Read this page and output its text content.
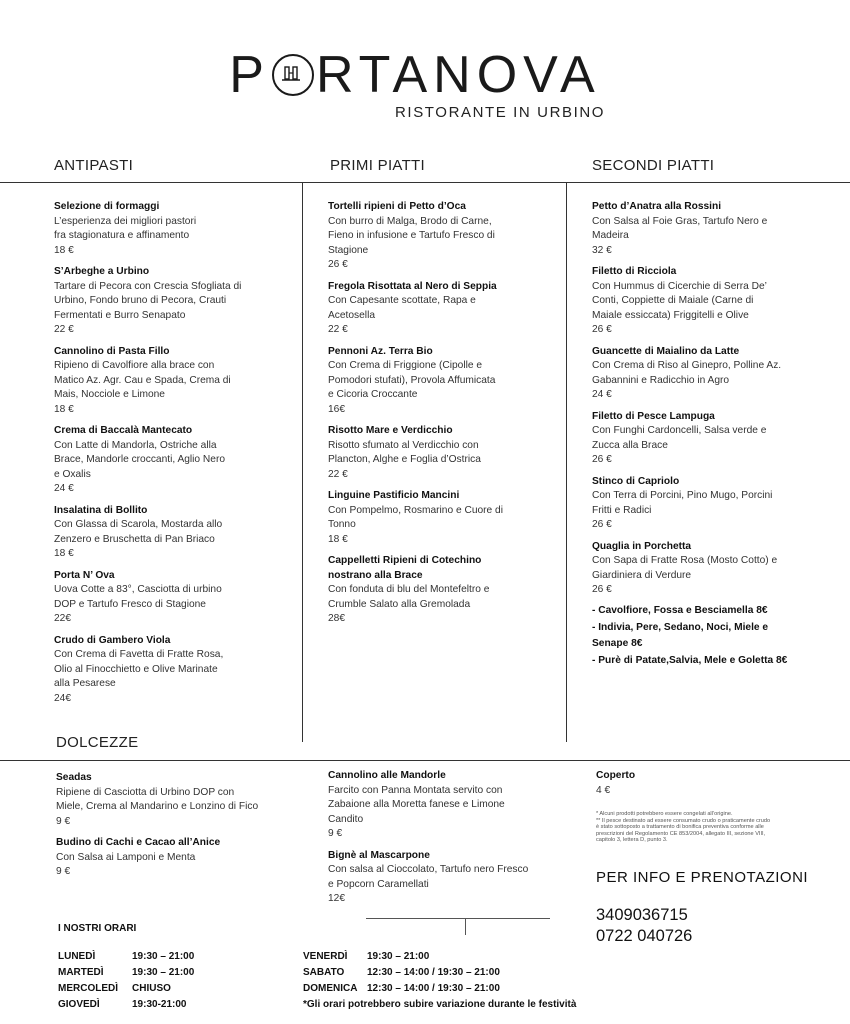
P RTANOVA
RISTORANTE IN URBINO
ANTIPASTI	PRIMI PIATTI	SECONDI PIATTI
Selezione di formaggi
L’esperienza dei migliori pastori
fra stagionatura e affinamento
18 €
S’Arbeghe a Urbino
Tartare di Pecora con Crescia Sfogliata di
Urbino, Fondo bruno di Pecora, Crauti
Fermentati e Burro Senapato
22 €
Cannolino di Pasta Fillo
Ripieno di Cavolfiore alla brace con
Matico Az. Agr. Cau e Spada, Crema di
Mais, Nocciole e Limone
18 €
Crema di Baccalà Mantecato
Con Latte di Mandorla, Ostriche alla
Brace, Mandorle croccanti, Aglio Nero
e Oxalis
24 €
Insalatina di Bollito
Con Glassa di Scarola, Mostarda allo
Zenzero e Bruschetta di Pan Briaco
18 €
Porta N’ Ova
Uova Cotte a 83°, Casciotta di urbino
DOP e Tartufo Fresco di Stagione
22€
Crudo di Gambero Viola
Con Crema di Favetta di Fratte Rosa,
Olio al Finocchietto e Olive Marinate
alla Pesarese
24€
Tortelli ripieni di Petto d’Oca
Con burro di Malga, Brodo di Carne,
Fieno in infusione e Tartufo Fresco di
Stagione
26 €
Fregola Risottata al Nero di Seppia
Con Capesante scottate, Rapa e
Acetosella
22 €
Pennoni Az. Terra Bio
Con Crema di Friggione (Cipolle e
Pomodori stufati), Provola Affumicata
e Cicoria Croccante
16€
Risotto Mare e Verdicchio
Risotto sfumato al Verdicchio con
Plancton, Alghe e Foglia d’Ostrica
22 €
Linguine Pastificio Mancini
Con Pompelmo, Rosmarino e Cuore di
Tonno
18 €
Cappelletti Ripieni di Cotechino
nostrano alla Brace
Con fonduta di blu del Montefeltro e
Crumble Salato alla Gremolada
28€
Petto d’Anatra alla Rossini
Con Salsa al Foie Gras, Tartufo Nero e
Madeira
32 €
Filetto di Ricciola
Con Hummus di Cicerchie di Serra De’
Conti, Coppiette di Maiale (Carne di
Maiale essiccata) Friggitelli e Olive
26 €
Guancette di Maialino da Latte
Con Crema di Riso al Ginepro, Polline Az.
Gabannini e Radicchio in Agro
24 €
Filetto di Pesce Lampuga
Con Funghi Cardoncelli, Salsa verde e
Zucca alla Brace
26 €
Stinco di Capriolo
Con Terra di Porcini, Pino Mugo, Porcini
Fritti e Radici
26 €
Quaglia in Porchetta
Con Sapa di Fratte Rosa (Mosto Cotto) e
Giardiniera di Verdure
26 €
- Cavolfiore, Fossa e Besciamella 8€
- Indivia, Pere, Sedano, Noci, Miele e
Senape 8€
- Purè di Patate,Salvia, Mele e Goletta 8€
DOLCEZZE
Seadas
Ripiene di Casciotta di Urbino DOP con
Miele, Crema al Mandarino e Lonzino di Fico
9 €
Budino di Cachi e Cacao all’Anice
Con Salsa ai Lamponi e Menta
9 €
Cannolino alle Mandorle
Farcito con Panna Montata servito con
Zabaione alla Moretta fanese e Limone
Candito
9 €
Bignè al Mascarpone
Con salsa al Cioccolato, Tartufo nero Fresco
e Popcorn Caramellati
12€
Coperto
4 €
* Alcuni prodotti potrebbero essere congelati all’origine.
** Il pesce destinato ad essere consumato crudo o praticamente crudo
è stato sottoposto a trattamento di bonifica preventiva conforme alle
prescrizioni del Regolamento CE 853/2004, allegato III, sezione VIII,
capitolo 3, lettera D, punto 3.
PER INFO E PRENOTAZIONI
3409036715
0722 040726
I NOSTRI ORARI
LUNEDÌ	19:30 – 21:00
MARTEDÌ	19:30 – 21:00
MERCOLEDÌ CHIUSO
GIOVEDÌ	19:30-21:00
VENERDÌ 19:30 – 21:00
SABATO 12:30 – 14:00 / 19:30 – 21:00
DOMENICA 12:30 – 14:00 / 19:30 – 21:00
*Gli orari potrebbero subire variazione durante le festività
